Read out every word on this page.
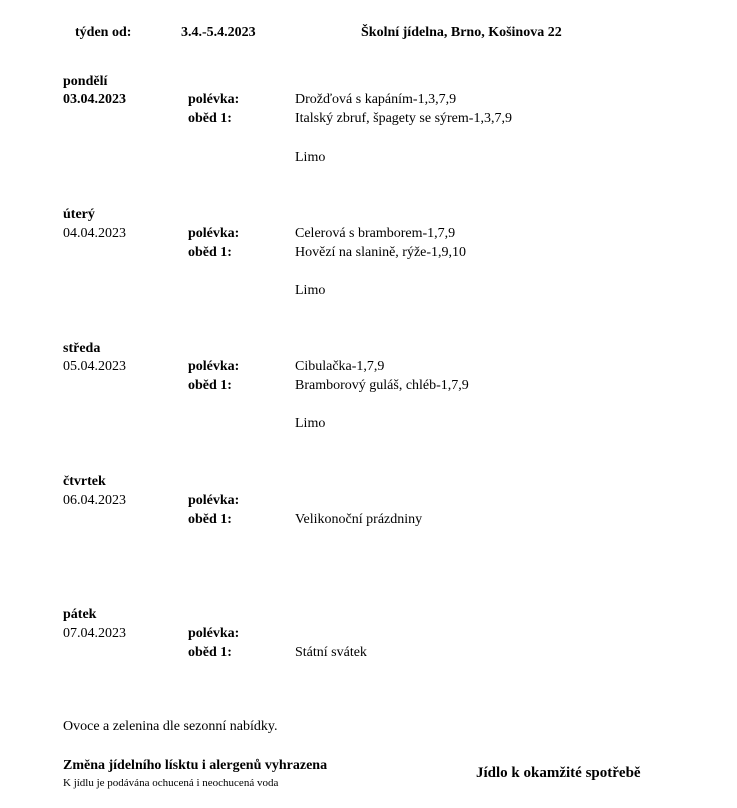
týden od:	3.4.-5.4.2023	Školní jídelna, Brno, Košinova 22
pondělí
03.04.2023	polévka:	Drožďová s kapáním-1,3,7,9
oběd 1:	Italský zbruf, špagety se sýrem-1,3,7,9
Limo
úterý
04.04.2023	polévka:	Celerová s bramborem-1,7,9
oběd 1:	Hovězí na slanině, rýže-1,9,10
Limo
středa
05.04.2023	polévka:	Cibulačka-1,7,9
oběd 1:	Bramborový guláš, chléb-1,7,9
Limo
čtvrtek
06.04.2023	polévka:
oběd 1:	Velikonoční prázdniny
pátek
07.04.2023	polévka:
oběd 1:	Státní svátek
Ovoce a zelenina dle sezonní nabídky.
Změna jídelního lísktu i alergenů vyhrazena
K jídlu je podávána ochucená i neochucená voda
Jídlo k okamžité spotřebě
